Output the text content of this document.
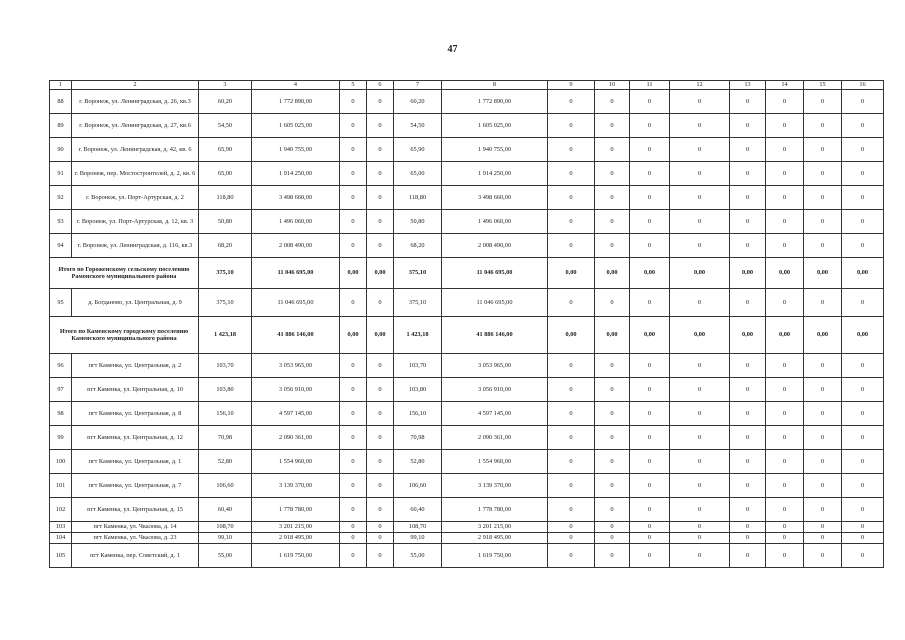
47
1	2	3	4	5	6	7	8	9	10	11	12	13	14	15	16
88	г. Воронеж, ул. Ленинградская, д. 26, кв.3	60,20	1 772 890,00	0	0	60,20	1 772 890,00	0	0	0	0	0	0	0	0
89	г. Воронеж, ул. Ленинградская, д. 27, кв.6	54,50	1 605 025,00	0	0	54,50	1 605 025,00	0	0	0	0	0	0	0	0
90	г. Воронеж, ул. Ленинградская, д. 42, кв. 6	65,90	1 940 755,00	0	0	65,90	1 940 755,00	0	0	0	0	0	0	0	0
91	г. Воронеж, пер. Мостостроителей, д. 2, кв. 6	65,00	1 914 250,00	0	0	65,00	1 914 250,00	0	0	0	0	0	0	0	0
92	г. Воронеж, ул. Порт-Артурская, д. 2	118,80	3 498 660,00	0	0	118,80	3 498 660,00	0	0	0	0	0	0	0	0
93	г. Воронеж, ул. Порт-Артурская, д. 12, кв. 3	50,80	1 496 060,00	0	0	50,80	1 496 060,00	0	0	0	0	0	0	0	0
94	г. Воронеж, ул. Ленинградская, д. 116, кв.3	68,20	2 008 490,00	0	0	68,20	2 008 490,00	0	0	0	0	0	0	0	0
Итого по Гороженскому сельскому поселению Рамонского муниципального района		375,10	11 046 695,00	0,00	0,00	375,10	11 046 695,00	0,00	0,00	0,00	0,00	0,00	0,00	0,00	0,00
95	д. Богданово, ул. Центральная, д. 9	375,10	11 046 695,00	0	0	375,10	11 046 695,00	0	0	0	0	0	0	0	0
Итого по Каменскому городскому поселению Каменского муниципального района		1 423,18	41 886 146,00	0,00	0,00	1 423,18	41 886 146,00	0,00	0,00	0,00	0,00	0,00	0,00	0,00	0,00
96	пгт Каменка, ул. Центральная, д. 2	103,70	3 053 965,00	0	0	103,70	3 053 965,00	0	0	0	0	0	0	0	0
97	пгт Каменка, ул. Центральная, д. 10	103,80	3 056 910,00	0	0	103,80	3 056 910,00	0	0	0	0	0	0	0	0
98	пгт Каменка, ул. Центральная, д. 8	156,10	4 597 145,00	0	0	156,10	4 597 145,00	0	0	0	0	0	0	0	0
99	пгт Каменка, ул. Центральная, д. 12	70,98	2 090 361,00	0	0	70,98	2 090 361,00	0	0	0	0	0	0	0	0
100	пгт Каменка, ул. Центральная, д. 1	52,80	1 554 960,00	0	0	52,80	1 554 960,00	0	0	0	0	0	0	0	0
101	пгт Каменка, ул. Центральная, д. 7	106,60	3 139 370,00	0	0	106,60	3 139 370,00	0	0	0	0	0	0	0	0
102	пгт Каменка, ул. Центральная, д. 15	60,40	1 778 780,00	0	0	60,40	1 778 780,00	0	0	0	0	0	0	0	0
103	пгт Каменка, ул. Чкалова, д. 14	108,70	3 201 215,00	0	0	108,70	3 201 215,00	0	0	0	0	0	0	0	0
104	пгт Каменка, ул. Чкалова, д. 23	99,10	2 918 495,00	0	0	99,10	2 918 495,00	0	0	0	0	0	0	0	0
105	пгт Каменка, пер. Советский, д. 1	55,00	1 619 750,00	0	0	55,00	1 619 750,00	0	0	0	0	0	0	0	0
